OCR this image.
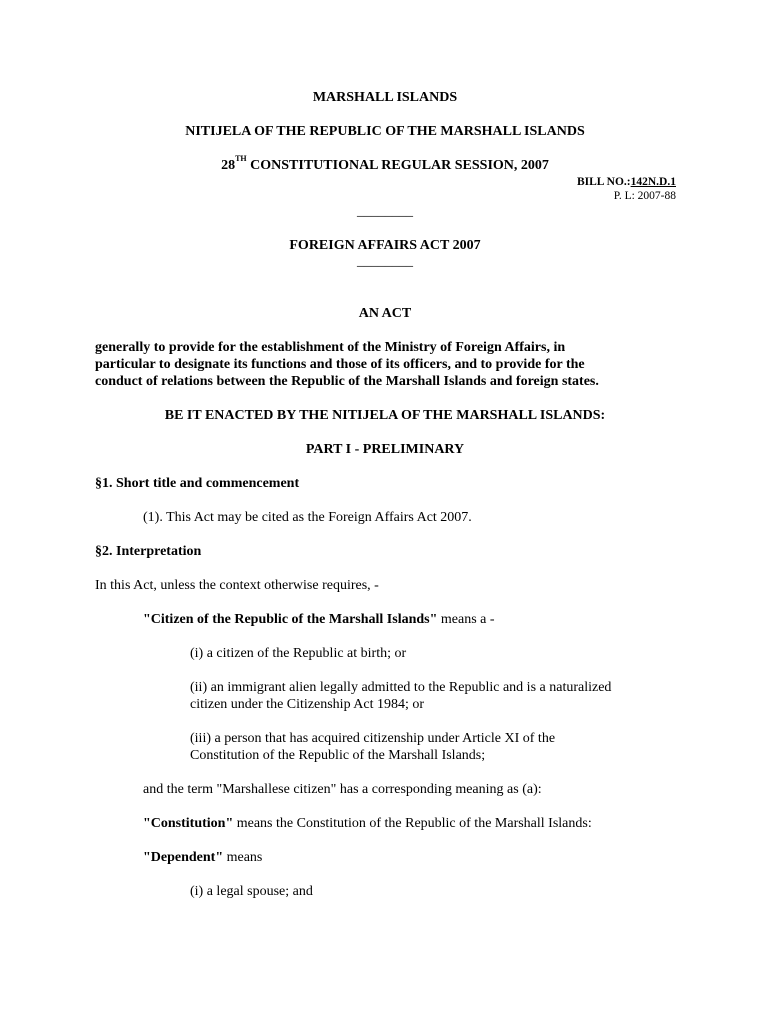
MARSHALL ISLANDS
NITIJELA OF THE REPUBLIC OF THE MARSHALL ISLANDS
28TH CONSTITUTIONAL REGULAR SESSION, 2007
BILL NO.:142N.D.1
P. L: 2007-88
________
FOREIGN AFFAIRS ACT 2007
________
AN ACT
generally to provide for the establishment of the Ministry of Foreign Affairs, in
particular to designate its functions and those of its officers, and to provide for the
conduct of relations between the Republic of the Marshall Islands and foreign states.
BE IT ENACTED BY THE NITIJELA OF THE MARSHALL ISLANDS:
PART I - PRELIMINARY
§1. Short title and commencement
(1). This Act may be cited as the Foreign Affairs Act 2007.
§2. Interpretation
In this Act, unless the context otherwise requires, -
"Citizen of the Republic of the Marshall Islands" means a -
(i) a citizen of the Republic at birth; or
(ii) an immigrant alien legally admitted to the Republic and is a naturalized
citizen under the Citizenship Act 1984; or
(iii) a person that has acquired citizenship under Article XI of the
Constitution of the Republic of the Marshall Islands;
and the term "Marshallese citizen" has a corresponding meaning as (a):
"Constitution" means the Constitution of the Republic of the Marshall Islands:
"Dependent" means
(i) a legal spouse; and
